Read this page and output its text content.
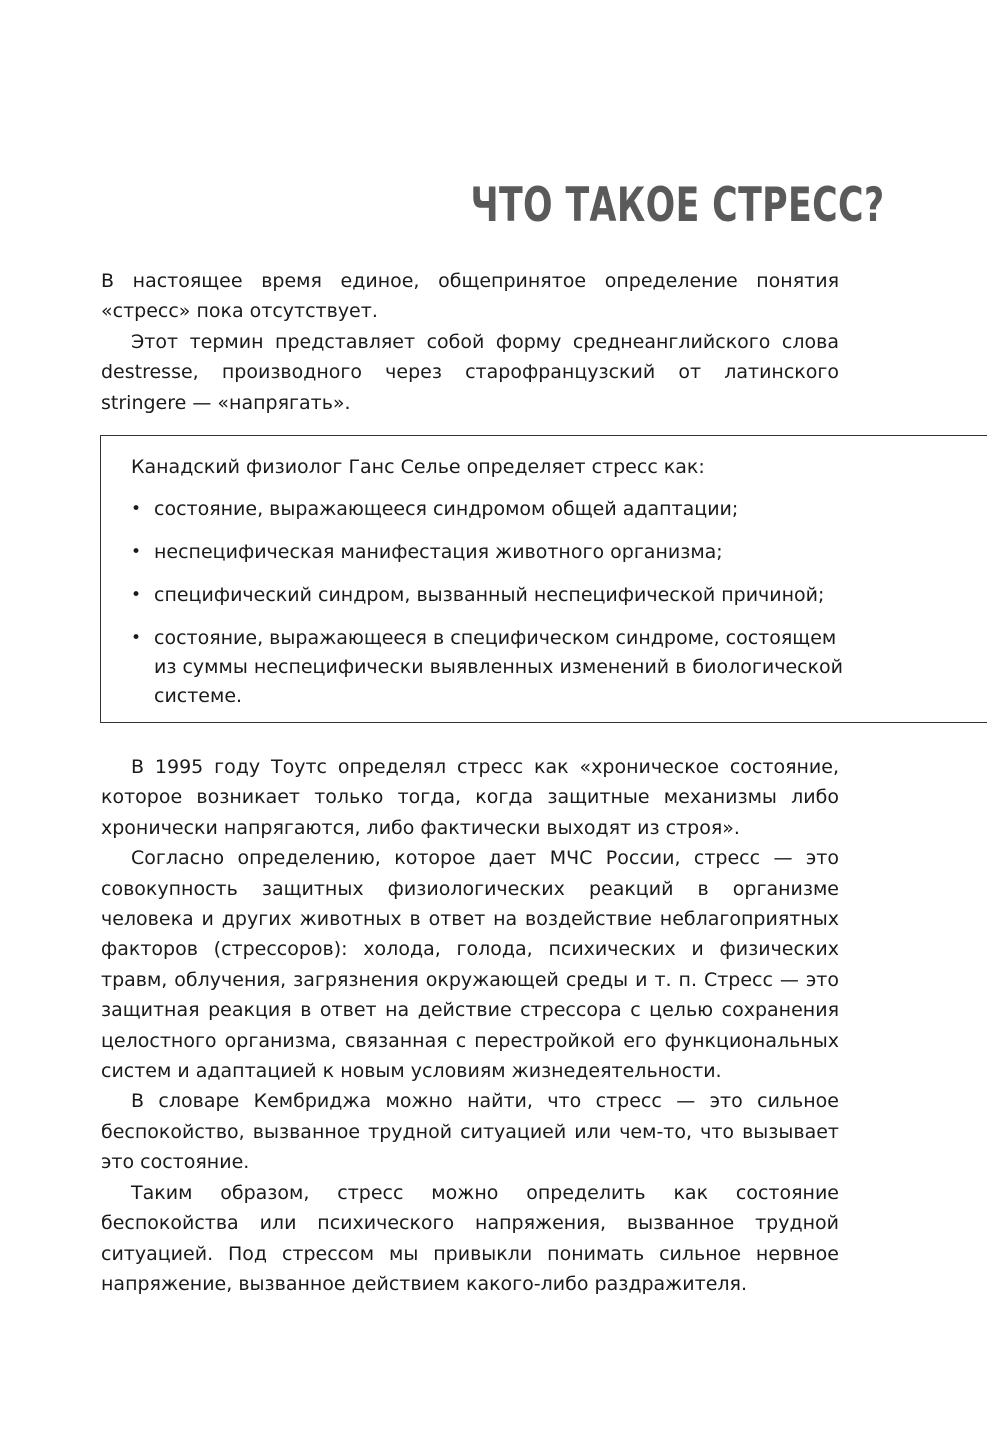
ЧТО ТАКОЕ СТРЕСС?

В настоящее время единое, общепринятое определение понятия «стресс» пока отсутствует.

Этот термин представляет собой форму среднеанглийского слова destresse, производного через старофранцузский от латинского stringere — «напрягать».

Канадский физиолог Ганс Селье определяет стресс как:

• состояние, выражающееся синдромом общей адаптации;
• неспецифическая манифестация животного организма;
• специфический синдром, вызванный неспецифической причиной;
• состояние, выражающееся в специфическом синдроме, состоящем из суммы неспецифически выявленных изменений в биологической системе.

В 1995 году Тоутс определял стресс как «хроническое состояние, которое возникает только тогда, когда защитные механизмы либо хронически напрягаются, либо фактически выходят из строя».

Согласно определению, которое дает МЧС России, стресс — это совокупность защитных физиологических реакций в организме человека и других животных в ответ на воздействие неблагоприятных факторов (стрессоров): холода, голода, психических и физических травм, облучения, загрязнения окружающей среды и т. п. Стресс — это защитная реакция в ответ на действие стрессора с целью сохранения целостного организма, связанная с перестройкой его функциональных систем и адаптацией к новым условиям жизнедеятельности.

В словаре Кембриджа можно найти, что стресс — это сильное беспокойство, вызванное трудной ситуацией или чем-то, что вызывает это состояние.

Таким образом, стресс можно определить как состояние беспокойства или психического напряжения, вызванное трудной ситуацией. Под стрессом мы привыкли понимать сильное нервное напряжение, вызванное действием какого-либо раздражителя.
